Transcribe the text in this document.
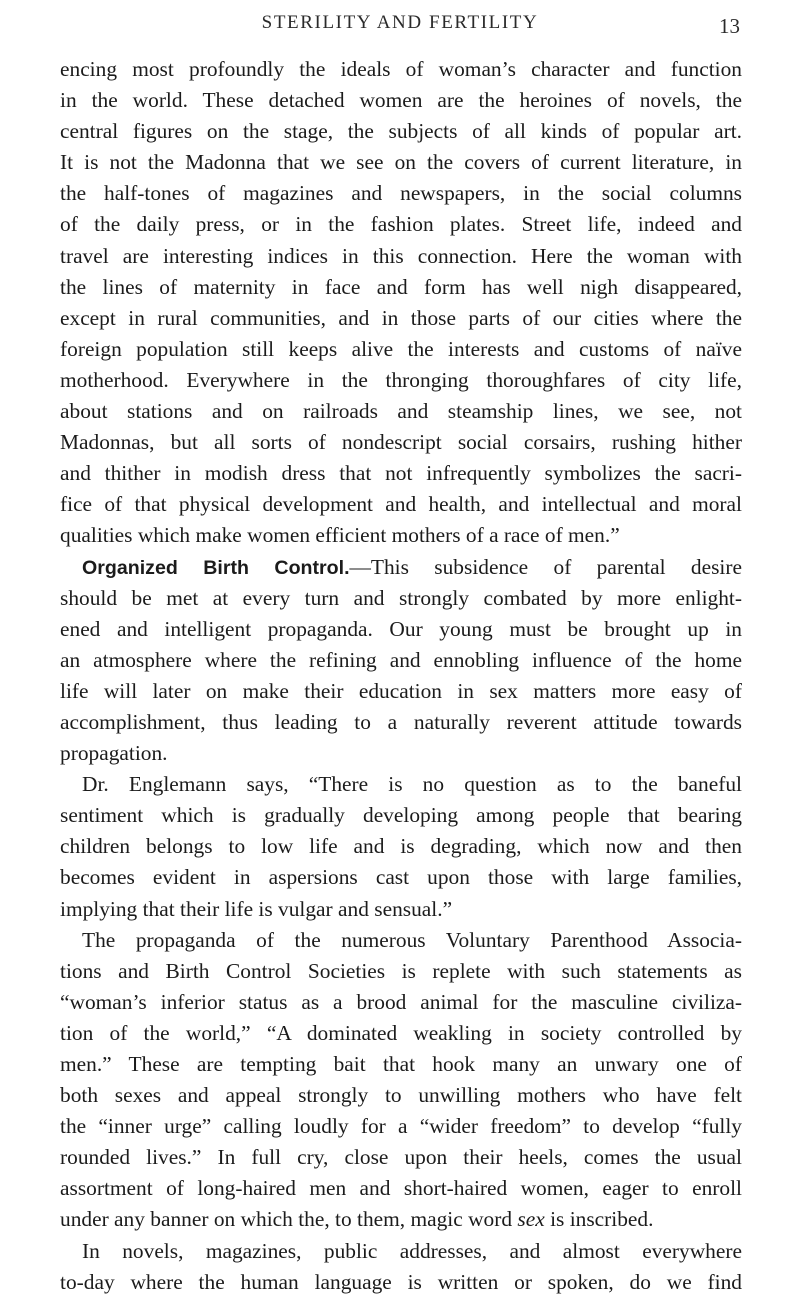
STERILITY AND FERTILITY	13
encing most profoundly the ideals of woman’s character and function
in the world. These detached women are the heroines of novels, the
central figures on the stage, the subjects of all kinds of popular art.
It is not the Madonna that we see on the covers of current literature, in
the half-tones of magazines and newspapers, in the social columns
of the daily press, or in the fashion plates. Street life, indeed and
travel are interesting indices in this connection. Here the woman with
the lines of maternity in face and form has well nigh disappeared,
except in rural communities, and in those parts of our cities where the
foreign population still keeps alive the interests and customs of naïve
motherhood. Everywhere in the thronging thoroughfares of city life,
about stations and on railroads and steamship lines, we see, not
Madonnas, but all sorts of nondescript social corsairs, rushing hither
and thither in modish dress that not infrequently symbolizes the sacri-
fice of that physical development and health, and intellectual and moral
qualities which make women efficient mothers of a race of men.”
Organized Birth Control.—This subsidence of parental desire
should be met at every turn and strongly combated by more enlight-
ened and intelligent propaganda. Our young must be brought up in
an atmosphere where the refining and ennobling influence of the home
life will later on make their education in sex matters more easy of
accomplishment, thus leading to a naturally reverent attitude towards
propagation.
Dr. Englemann says, “There is no question as to the baneful
sentiment which is gradually developing among people that bearing
children belongs to low life and is degrading, which now and then
becomes evident in aspersions cast upon those with large families,
implying that their life is vulgar and sensual.”
The propaganda of the numerous Voluntary Parenthood Associa-
tions and Birth Control Societies is replete with such statements as
“woman’s inferior status as a brood animal for the masculine civiliza-
tion of the world,” “A dominated weakling in society controlled by
men.” These are tempting bait that hook many an unwary one of
both sexes and appeal strongly to unwilling mothers who have felt
the “inner urge” calling loudly for a “wider freedom” to develop “fully
rounded lives.” In full cry, close upon their heels, comes the usual
assortment of long-haired men and short-haired women, eager to enroll
under any banner on which the, to them, magic word sex is inscribed.
In novels, magazines, public addresses, and almost everywhere
to-day where the human language is written or spoken, do we find
